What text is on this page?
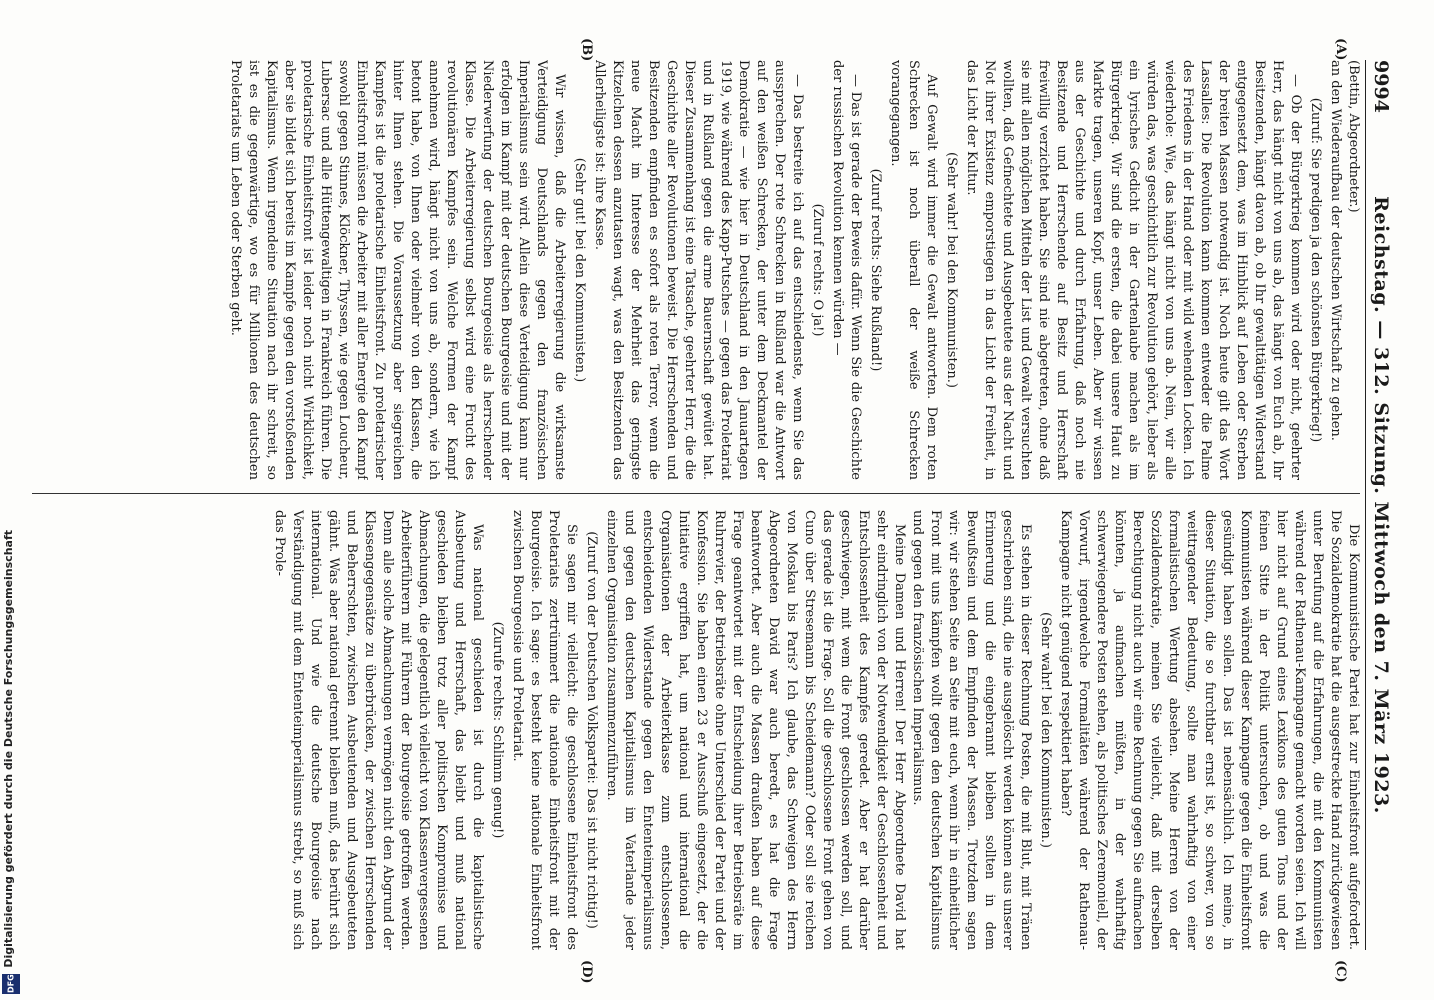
9994
Reichstag. — 312. Sitzung. Mittwoch den 7. März 1923.
(A)
(B)
(C)
(D)

(Bettin, Abgeordneter.)

an den Wiederaufbau der deutschen Wirtschaft zu gehen.

(Zuruf: Sie predigen ja den schönsten Bürgerkrieg!)

— Ob der Bürgerkrieg kommen wird oder nicht, geehrter Herr, das hängt nicht von uns ab, das hängt von Euch ab, Ihr Besitzenden, hängt davon ab, ob Ihr gewalttätigen Widerstand entgegensetzt dem, was im Hinblick auf Leben oder Sterben der breiten Massen notwendig ist. Noch heute gilt das Wort Lassalles: Die Revolution kann kommen entweder die Palme des Friedens in der Hand oder mit wild wehenden Locken. Ich wiederhole: Wie, das hängt nicht von uns ab. Nein, wir alle würden das, was geschichtlich zur Revolution gehört, lieber als ein lyrisches Gedicht in der Gartenlaube machen als im Bürgerkrieg. Wir sind die ersten, die dabei unsere Haut zu Markte tragen, unseren Kopf, unser Leben. Aber wir wissen aus der Geschichte und durch Erfahrung, daß noch nie Besitzende und Herrschende auf Besitz und Herrschaft freiwillig verzichtet haben. Sie sind nie abgetreten, ohne daß sie mit allen möglichen Mitteln der List und Gewalt versuchten wollten, daß Gefnechtete und Ausgebeutete aus der Nacht und Not ihrer Existenz emporstiegen in das Licht der Freiheit, in das Licht der Kultur.

(Sehr wahr! bei den Kommunisten.)

Auf Gewalt wird immer die Gewalt antworten. Dem roten Schrecken ist noch überall der weiße Schrecken vorangegangen.

(Zuruf rechts: Siehe Rußland!)

— Das ist gerade der Beweis dafür. Wenn Sie die Geschichte der russischen Revolution kennen würden —

(Zuruf rechts: O ja!)

— Das bestreite ich auf das entschiedenste, wenn Sie das aussprechen. Der rote Schrecken in Rußland war die Antwort auf den weißen Schrecken, der unter dem Deckmantel der Demokratie — wie hier in Deutschland in den Januartagen 1919, wie während des Kapp-Putsches — gegen das Proletariat und in Rußland gegen die arme Bauernschaft gewütet hat. Dieser Zusammenhang ist eine Tatsache, geehrter Herr, die die Geschichte aller Revolutionen beweist. Die Herrschenden und Besitzenden empfinden es sofort als roten Terror, wenn die neue Macht im Interesse der Mehrheit das geringste Kitzelchen dessen anzutasten wagt, was den Besitzenden das Allerheiligste ist: ihre Kasse.

(Sehr gut! bei den Kommunisten.)

Wir wissen, daß die Arbeiterregierung die wirksamste Verteidigung Deutschlands gegen den französischen Imperialismus sein wird. Allein diese Verteidigung kann nur erfolgen im Kampf mit der deutschen Bourgeoisie und mit der Niederwerfung der deutschen Bourgeoisie als herrschender Klasse. Die Arbeiterregierung selbst wird eine Frucht des revolutionären Kampfes sein. Welche Formen der Kampf annehmen wird, hängt nicht von uns ab, sondern, wie ich betont habe, von Ihnen oder vielmehr von den Klassen, die hinter Ihnen stehen. Die Voraussetzung aber siegreichen Kampfes ist die proletarische Einheitsfront. Zu proletarischer Einheitsfront müssen die Arbeiter mit aller Energie den Kampf sowohl gegen Stinnes, Klöckner, Thyssen, wie gegen Loucheur, Lubersac und alle Hüttengewaltigen in Frankreich führen. Die proletarische Einheitsfront ist leider noch nicht Wirklichkeit, aber sie bildet sich bereits im Kampfe gegen den vorstoßenden Kapitalismus. Wenn irgendeine Situation nach ihr schreit, so ist es die gegenwärtige, wo es für Millionen des deutschen Proletariats um Leben oder Sterben geht.

Die Kommunistische Partei hat zur Einheitsfront aufgefordert. Die Sozialdemokratie hat die ausgestreckte Hand zurückgewiesen unter Berufung auf die Erfahrungen, die mit den Kommunisten während der Rathenau-Kampagne gemacht worden seien. Ich will hier nicht auf Grund eines Lexikons des guten Tons und der feinen Sitte in der Politik untersuchen, ob und was die Kommunisten während dieser Kampagne gegen die Einheitsfront gesündigt haben sollen. Das ist nebensächlich. Ich meine, in dieser Situation, die so furchtbar ernst ist, so schwer, von so weittragender Bedeutung, sollte man wahrhaftig von einer formalistischen Wertung absehen. Meine Herren von der Sozialdemokratie, meinen Sie vielleicht, daß mit derselben Berechtigung nicht auch wir eine Rechnung gegen Sie aufmachen könnten, ja aufmachen müßten, in der wahrhaftig schwerwiegendere Posten stehen, als politisches Zeremoniell, der Vorwurf, irgendwelche Formalitäten während der Rathenau-Kampagne nicht genügend respektiert haben?

(Sehr wahr! bei den Kommunisten.)

Es stehen in dieser Rechnung Posten, die mit Blut, mit Tränen geschrieben sind, die nie ausgelöscht werden können aus unserer Erinnerung und die eingebrannt bleiben sollten in dem Bewußtsein und dem Empfinden der Massen. Trotzdem sagen wir: wir stehen Seite an Seite mit euch, wenn ihr in einheitlicher Front mit uns kämpfen wollt gegen den deutschen Kapitalismus und gegen den französischen Imperialismus.

Meine Damen und Herren! Der Herr Abgeordnete David hat sehr eindringlich von der Notwendigkeit der Geschlossenheit und Entschlossenheit des Kampfes geredet. Aber er hat darüber geschwiegen, mit wem die Front geschlossen werden soll, und das gerade ist die Frage. Soll die geschlossene Front gehen von Cuno über Stresemann bis Scheidemann? Oder soll sie reichen von Moskau bis Paris? Ich glaube, das Schweigen des Herrn Abgeordneten David war auch beredt, es hat die Frage beantwortet. Aber auch die Massen draußen haben auf diese Frage geantwortet mit der Entscheidung ihrer Betriebsräte im Ruhrrevier, der Betriebsräte ohne Unterschied der Partei und der Konfession. Sie haben einen 23 er Ausschuß eingesetzt, der die Initiative ergriffen hat, um national und international die Organisationen der Arbeiterklasse zum entschlossenen, entscheidenden Widerstande gegen den Ententeimperialismus und gegen den deutschen Kapitalismus im Vaterlande jeder einzelnen Organisation zusammenzuführen.

(Zuruf von der Deutschen Volkspartei: Das ist nicht richtig!)

Sie sagen mir vielleicht: die geschlossene Einheitsfront des Proletariats zertrümmert die nationale Einheitsfront mit der Bourgeoisie. Ich sage: es besteht keine nationale Einheitsfront zwischen Bourgeoisie und Proletariat.

(Zurufe rechts: Schlimm genug!)

Was national geschieden ist durch die kapitalistische Ausbeutung und Herrschaft, das bleibt und muß national geschieden bleiben trotz aller politischen Kompromisse und Abmachungen, die gelegentlich vielleicht von Klassenvergessenen Arbeiterführern mit Führern der Bourgeoisie getroffen werden. Denn alle solche Abmachungen vermögen nicht den Abgrund der Klassengegensätze zu überbrücken, der zwischen Herrschenden und Beherrschten, zwischen Ausbeutenden und Ausgebeuteten gähnt. Was aber national getrennt bleiben muß, das berührt sich international. Und wie die deutsche Bourgeoisie nach Verständigung mit dem Ententeimperialismus strebt, so muß sich das Prole-

Digitalisierung gefördert durch die Deutsche Forschungsgemeinschaft
DFG
